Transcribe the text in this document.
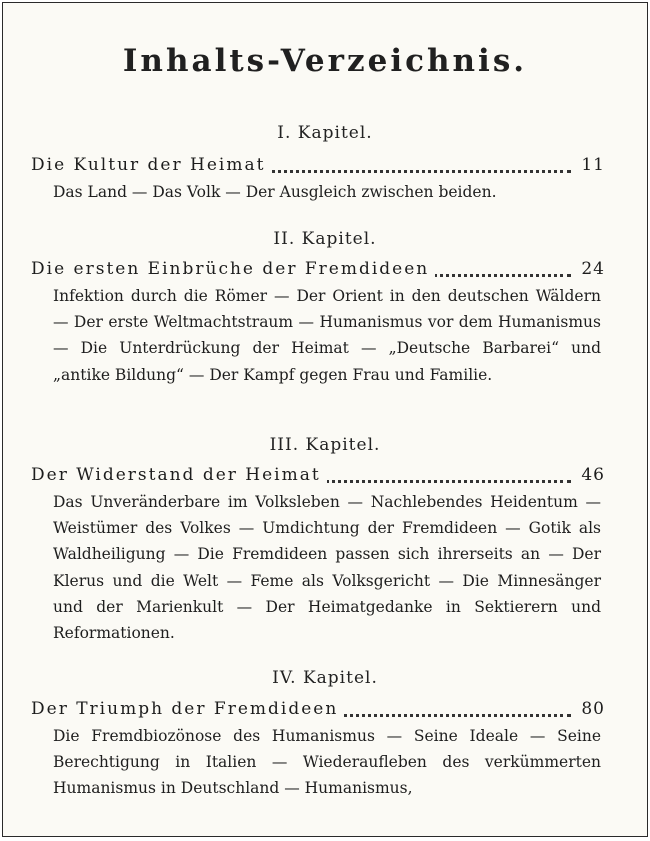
Inhalts-Verzeichnis.
I. Kapitel.
Die Kultur der Heimat	11
Das Land — Das Volk — Der Ausgleich zwischen beiden.
II. Kapitel.
Die ersten Einbrüche der Fremdideen	24
Infektion durch die Römer — Der Orient in den deutschen Wäldern — Der erste Weltmachtstraum — Humanismus vor dem Humanismus — Die Unterdrückung der Heimat — „Deutsche Barbarei“ und „antike Bildung“ — Der Kampf gegen Frau und Familie.
III. Kapitel.
Der Widerstand der Heimat	46
Das Unveränderbare im Volksleben — Nachlebendes Heidentum — Weistümer des Volkes — Umdichtung der Fremdideen — Gotik als Waldheiligung — Die Fremdideen passen sich ihrerseits an — Der Klerus und die Welt — Feme als Volksgericht — Die Minnesänger und der Marienkult — Der Heimatgedanke in Sektierern und Reformationen.
IV. Kapitel.
Der Triumph der Fremdideen	80
Die Fremdbiozönose des Humanismus — Seine Ideale — Seine Berechtigung in Italien — Wiederaufleben des verkümmerten Humanismus in Deutschland — Humanismus,
